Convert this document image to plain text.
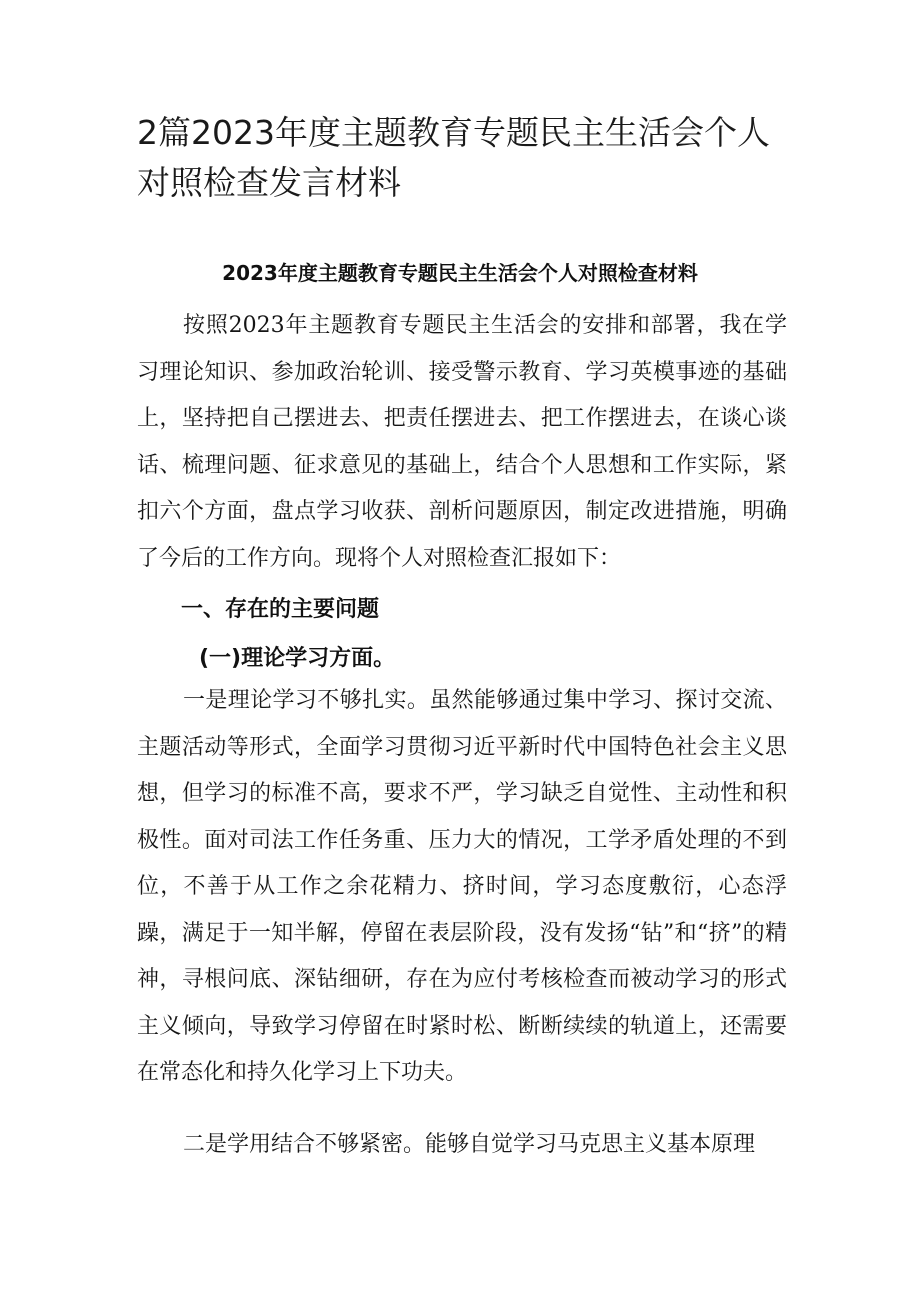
2篇2023年度主题教育专题民主生活会个人对照检查发言材料
2023年度主题教育专题民主生活会个人对照检查材料

按照2023年主题教育专题民主生活会的安排和部署，我在学习理论知识、参加政治轮训、接受警示教育、学习英模事迹的基础上，坚持把自己摆进去、把责任摆进去、把工作摆进去，在谈心谈话、梳理问题、征求意见的基础上，结合个人思想和工作实际，紧扣六个方面，盘点学习收获、剖析问题原因，制定改进措施，明确了今后的工作方向。现将个人对照检查汇报如下：

一、存在的主要问题
(一)理论学习方面。

一是理论学习不够扎实。虽然能够通过集中学习、探讨交流、主题活动等形式，全面学习贯彻习近平新时代中国特色社会主义思想，但学习的标准不高，要求不严，学习缺乏自觉性、主动性和积极性。面对司法工作任务重、压力大的情况，工学矛盾处理的不到位，不善于从工作之余花精力、挤时间，学习态度敷衍，心态浮躁，满足于一知半解，停留在表层阶段，没有发扬“钻”和“挤”的精神，寻根问底、深钻细研，存在为应付考核检查而被动学习的形式主义倾向，导致学习停留在时紧时松、断断续续的轨道上，还需要在常态化和持久化学习上下功夫。

二是学用结合不够紧密。能够自觉学习马克思主义基本原理
